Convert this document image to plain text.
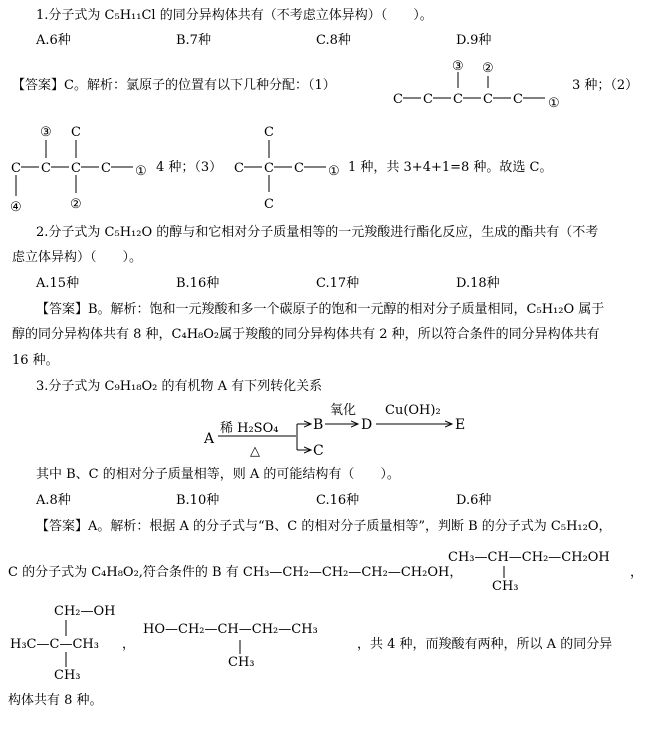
1.分子式为 C₅H₁₁Cl 的同分异构体共有（不考虑立体异构）（　　）。
A.6种	B.7种	C.8种	D.9种
【答案】C。解析：氯原子的位置有以下几种分配：（1）	3 种；（2）
C C C C C
③ ②
①
C C C C ①
④
③ C
②
C C C ①
C
C
4 种；（3）	1 种，共 3+4+1=8 种。故选 C。
2.分子式为 C₅H₁₂O 的醇与和它相对分子质量相等的一元羧酸进行酯化反应，生成的酯共有（不考
虑立体异构）（　　）。
A.15种	B.16种	C.17种	D.18种
【答案】B。解析：饱和一元羧酸和多一个碳原子的饱和一元醇的相对分子质量相同，C₅H₁₂O 属于
醇的同分异构体共有 8 种，C₄H₈O₂属于羧酸的同分异构体共有 2 种，所以符合条件的同分异构体共有
16 种。
3.分子式为 C₉H₁₈O₂ 的有机物 A 有下列转化关系
A
稀 H₂SO₄
△
B
C
氧化
D
Cu(OH)₂
E
其中 B、C 的相对分子质量相等，则 A 的可能结构有（　　）。
A.8种	B.10种	C.16种	D.6种
【答案】A。解析：根据 A 的分子式与“B、C 的相对分子质量相等”，判断 B 的分子式为 C₅H₁₂O，
C 的分子式为 C₄H₈O₂,符合条件的 B 有 CH₃—CH₂—CH₂—CH₂—CH₂OH，
CH₃—CH—CH₂—CH₂OH
CH₃
，
CH₂—OH
H₃C—C—CH₃
CH₃
，
HO—CH₂—CH—CH₂—CH₃
CH₃
，共 4 种，而羧酸有两种，所以 A 的同分异
构体共有 8 种。
